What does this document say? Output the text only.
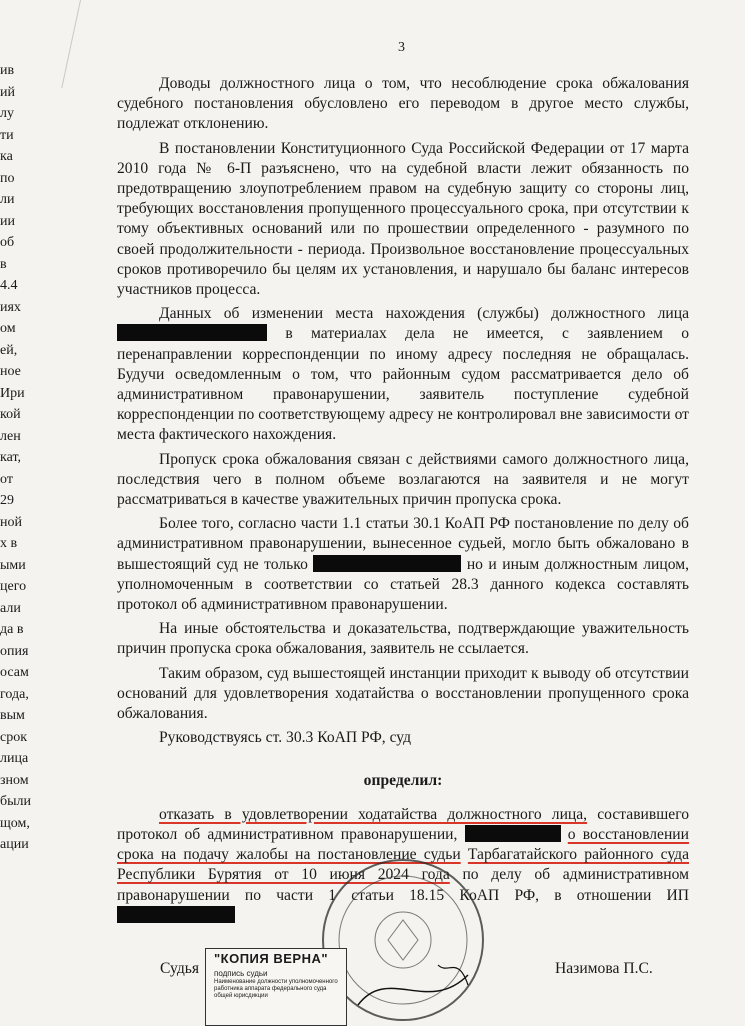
ив
ий
лу
ти
ка
по
ли
ии
об
в
4.4
иях
ом
ей,
ное
Ири
кой
лен
кат,
от
29
ной
х в
ыми
цего
али
да в
опия
осам
года,
вым
срок
лица
зном
были
щом,
ации
3

Доводы должностного лица о том, что несоблюдение срока обжалования судебного постановления обусловлено его переводом в другое место службы, подлежат отклонению.

В постановлении Конституционного Суда Российской Федерации от 17 марта 2010 года № 6-П разъяснено, что на судебной власти лежит обязанность по предотвращению злоупотреблением правом на судебную защиту со стороны лиц, требующих восстановления пропущенного процессуального срока, при отсутствии к тому объективных оснований или по прошествии определенного - разумного по своей продолжительности - периода. Произвольное восстановление процессуальных сроков противоречило бы целям их установления, и нарушало бы баланс интересов участников процесса.

Данных об изменении места нахождения (службы) должностного лица  в материалах дела не имеется, с заявлением о перенаправлении корреспонденции по иному адресу последняя не обращалась. Будучи осведомленным о том, что районным судом рассматривается дело об административном правонарушении, заявитель поступление судебной корреспонденции по соответствующему адресу не контролировал вне зависимости от места фактического нахождения.

Пропуск срока обжалования связан с действиями самого должностного лица, последствия чего в полном объеме возлагаются на заявителя и не могут рассматриваться в качестве уважительных причин пропуска срока.

Более того, согласно части 1.1 статьи 30.1 КоАП РФ постановление по делу об административном правонарушении, вынесенное судьей, могло быть обжаловано в вышестоящий суд не только	но и иным должностным лицом, уполномоченным в соответствии со статьей 28.3 данного кодекса составлять протокол об административном правонарушении.

На иные обстоятельства и доказательства, подтверждающие уважительность причин пропуска срока обжалования, заявитель не ссылается.

Таким образом, суд вышестоящей инстанции приходит к выводу об отсутствии оснований для удовлетворения ходатайства о восстановлении пропущенного срока обжалования.

Руководствуясь ст. 30.3 КоАП РФ, суд

определил:

отказать в удовлетворении ходатайства должностного лица, составившего протокол об административном правонарушении,	о восстановлении срока на подачу жалобы на постановление судьи Тарбагатайского районного суда Республики Бурятия от 10 июня 2024 года по делу об административном правонарушении по части 1 статьи 18.15 КоАП РФ, в отношении ИП

"КОПИЯ ВЕРНА"
подпись судьи
Наименование должности уполномоченного работника аппарата федерального суда общей юрисдикции
Судья	Назимова П.С.
